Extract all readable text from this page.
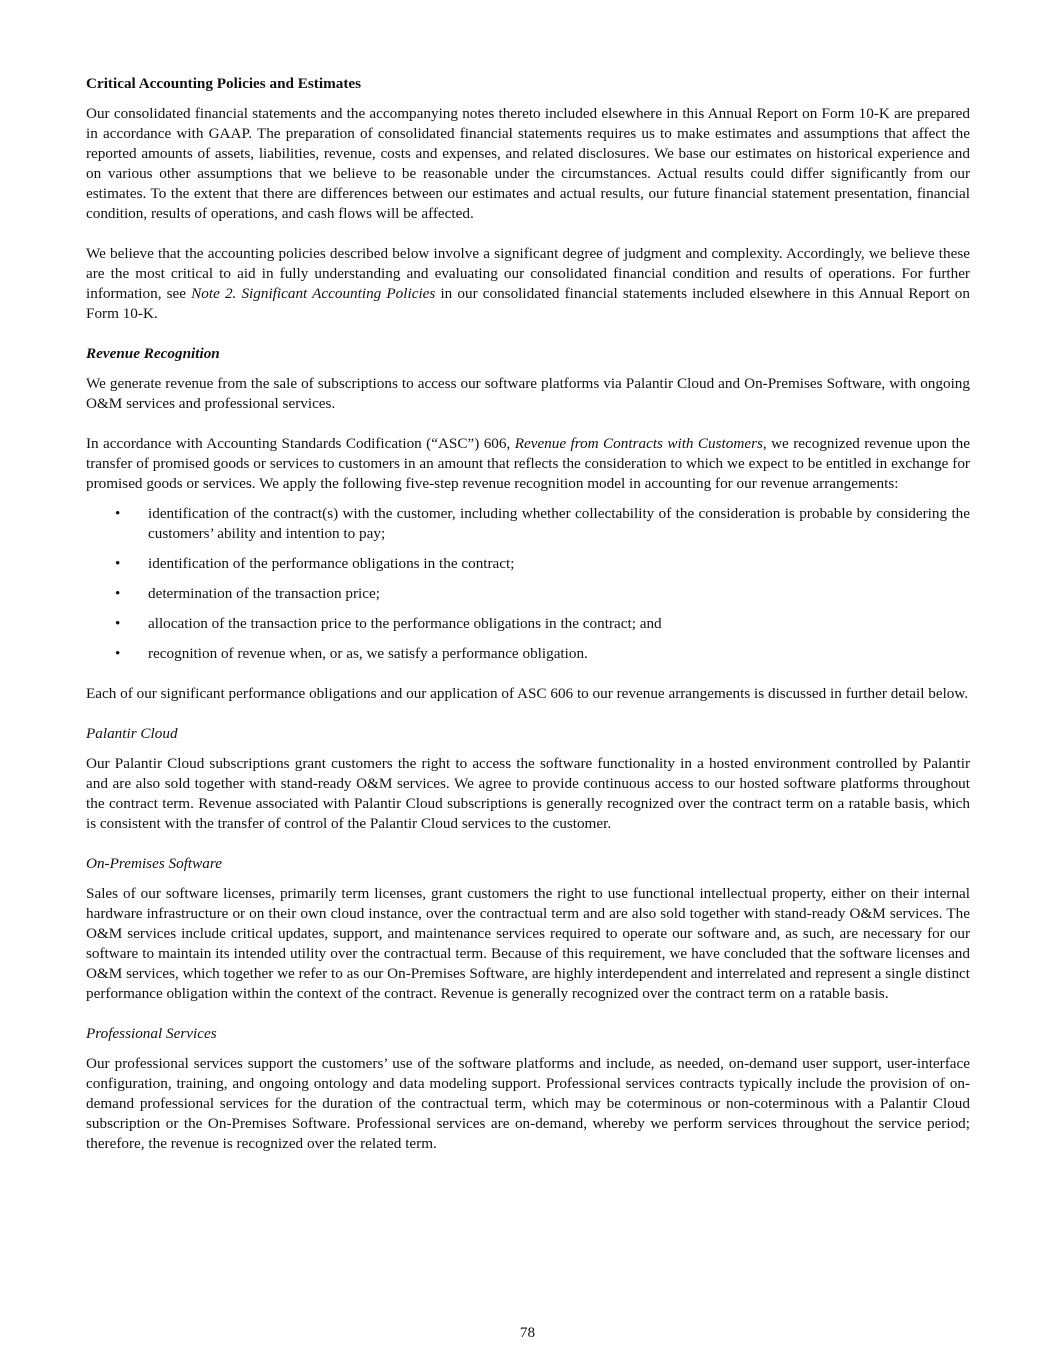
Critical Accounting Policies and Estimates

Our consolidated financial statements and the accompanying notes thereto included elsewhere in this Annual Report on Form 10-K are prepared in accordance with GAAP. The preparation of consolidated financial statements requires us to make estimates and assumptions that affect the reported amounts of assets, liabilities, revenue, costs and expenses, and related disclosures. We base our estimates on historical experience and on various other assumptions that we believe to be reasonable under the circumstances. Actual results could differ significantly from our estimates. To the extent that there are differences between our estimates and actual results, our future financial statement presentation, financial condition, results of operations, and cash flows will be affected.

We believe that the accounting policies described below involve a significant degree of judgment and complexity. Accordingly, we believe these are the most critical to aid in fully understanding and evaluating our consolidated financial condition and results of operations. For further information, see Note 2. Significant Accounting Policies in our consolidated financial statements included elsewhere in this Annual Report on Form 10-K.

Revenue Recognition

We generate revenue from the sale of subscriptions to access our software platforms via Palantir Cloud and On-Premises Software, with ongoing O&M services and professional services.

In accordance with Accounting Standards Codification (“ASC”) 606, Revenue from Contracts with Customers, we recognized revenue upon the transfer of promised goods or services to customers in an amount that reflects the consideration to which we expect to be entitled in exchange for promised goods or services. We apply the following five-step revenue recognition model in accounting for our revenue arrangements:

• identification of the contract(s) with the customer, including whether collectability of the consideration is probable by considering the customers’ ability and intention to pay;
• identification of the performance obligations in the contract;
• determination of the transaction price;
• allocation of the transaction price to the performance obligations in the contract; and
• recognition of revenue when, or as, we satisfy a performance obligation.

Each of our significant performance obligations and our application of ASC 606 to our revenue arrangements is discussed in further detail below.

Palantir Cloud

Our Palantir Cloud subscriptions grant customers the right to access the software functionality in a hosted environment controlled by Palantir and are also sold together with stand-ready O&M services. We agree to provide continuous access to our hosted software platforms throughout the contract term. Revenue associated with Palantir Cloud subscriptions is generally recognized over the contract term on a ratable basis, which is consistent with the transfer of control of the Palantir Cloud services to the customer.

On-Premises Software

Sales of our software licenses, primarily term licenses, grant customers the right to use functional intellectual property, either on their internal hardware infrastructure or on their own cloud instance, over the contractual term and are also sold together with stand-ready O&M services. The O&M services include critical updates, support, and maintenance services required to operate our software and, as such, are necessary for our software to maintain its intended utility over the contractual term. Because of this requirement, we have concluded that the software licenses and O&M services, which together we refer to as our On-Premises Software, are highly interdependent and interrelated and represent a single distinct performance obligation within the context of the contract. Revenue is generally recognized over the contract term on a ratable basis.

Professional Services

Our professional services support the customers’ use of the software platforms and include, as needed, on-demand user support, user-interface configuration, training, and ongoing ontology and data modeling support. Professional services contracts typically include the provision of on-demand professional services for the duration of the contractual term, which may be coterminous or non-coterminous with a Palantir Cloud subscription or the On-Premises Software. Professional services are on-demand, whereby we perform services throughout the service period; therefore, the revenue is recognized over the related term.

78
